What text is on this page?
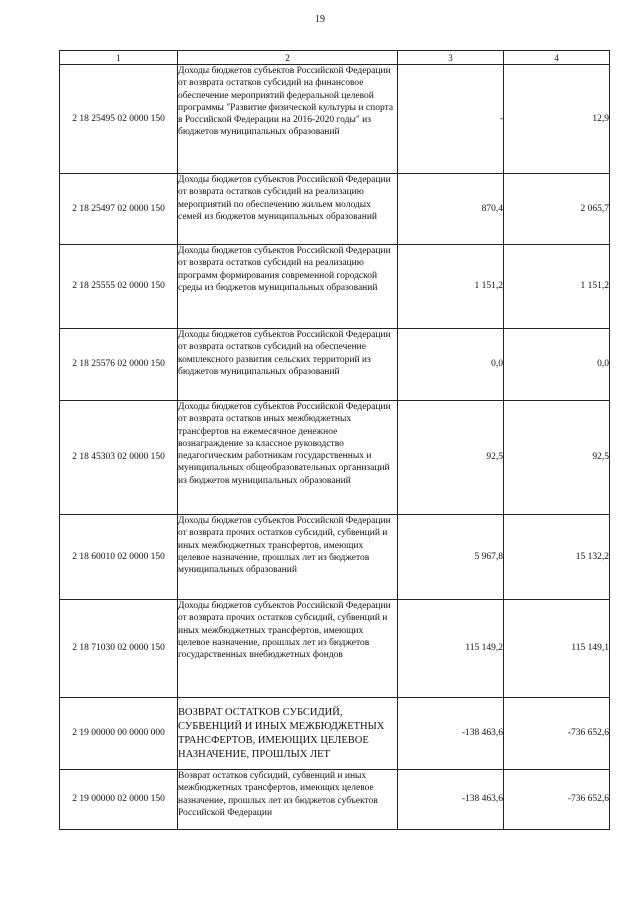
19
1	2	3	4
2 18 25495 02 0000 150	Доходы бюджетов субъектов Российской Федерации от возврата остатков субсидий на финансовое обеспечение мероприятий федеральной целевой программы "Развитие физической культуры и спорта в Российской Федерации на 2016-2020 годы" из бюджетов муниципальных образований	-	12,9
2 18 25497 02 0000 150	Доходы бюджетов субъектов Российской Федерации от возврата остатков субсидий на реализацию мероприятий по обеспечению жильем молодых семей из бюджетов муниципальных образований	870,4	2 065,7
2 18 25555 02 0000 150	Доходы бюджетов субъектов Российской Федерации от возврата остатков субсидий на реализацию программ формирования современной городской среды из бюджетов муниципальных образований	1 151,2	1 151,2
2 18 25576 02 0000 150	Доходы бюджетов субъектов Российской Федерации от возврата остатков субсидий на обеспечение комплексного развития сельских территорий из бюджетов муниципальных образований	0,0	0,0
2 18 45303 02 0000 150	Доходы бюджетов субъектов Российской Федерации от возврата остатков иных межбюджетных трансфертов на ежемесячное денежное вознаграждение за классное руководство педагогическим работникам государственных и муниципальных общеобразовательных организаций из бюджетов муниципальных образований	92,5	92,5
2 18 60010 02 0000 150	Доходы бюджетов субъектов Российской Федерации от возврата прочих остатков субсидий, субвенций и иных межбюджетных трансфертов, имеющих целевое назначение, прошлых лет из бюджетов муниципальных образований	5 967,8	15 132,2
2 18 71030 02 0000 150	Доходы бюджетов субъектов Российской Федерации от возврата прочих остатков субсидий, субвенций и иных межбюджетных трансфертов, имеющих целевое назначение, прошлых лет из бюджетов государственных внебюджетных фондов	115 149,2	115 149,1
2 19 00000 00 0000 000	ВОЗВРАТ ОСТАТКОВ СУБСИДИЙ, СУБВЕНЦИЙ И ИНЫХ МЕЖБЮДЖЕТНЫХ ТРАНСФЕРТОВ, ИМЕЮЩИХ ЦЕЛЕВОЕ НАЗНАЧЕНИЕ, ПРОШЛЫХ ЛЕТ	-138 463,6	-736 652,6
2 19 00000 02 0000 150	Возврат остатков субсидий, субвенций и иных межбюджетных трансфертов, имеющих целевое назначение, прошлых лет из бюджетов субъектов Российской Федерации	-138 463,6	-736 652,6
